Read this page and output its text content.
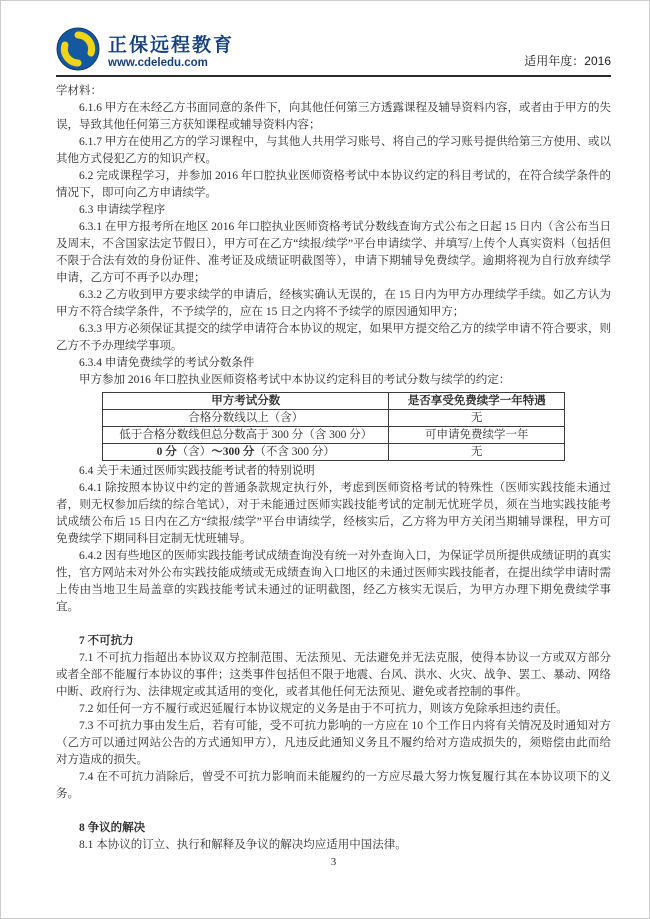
正保远程教育
www.cdeledu.com	适用年度：2016

学材料：

6.1.6 甲方在未经乙方书面同意的条件下，向其他任何第三方透露课程及辅导资料内容，或者由于甲方的失误，导致其他任何第三方获知课程或辅导资料内容；

6.1.7 甲方在使用乙方的学习课程中，与其他人共用学习账号、将自己的学习账号提供给第三方使用、或以其他方式侵犯乙方的知识产权。

6.2 完成课程学习，并参加 2016 年口腔执业医师资格考试中本协议约定的科目考试的，在符合续学条件的情况下，即可向乙方申请续学。

6.3 申请续学程序

6.3.1 在甲方报考所在地区 2016 年口腔执业医师资格考试分数线查询方式公布之日起 15 日内（含公布当日及周末，不含国家法定节假日），甲方可在乙方“续报/续学”平台申请续学、并填写/上传个人真实资料（包括但不限于合法有效的身份证件、准考证及成绩证明截图等），申请下期辅导免费续学。逾期将视为自行放弃续学申请，乙方可不再予以办理；

6.3.2 乙方收到甲方要求续学的申请后，经核实确认无误的，在 15 日内为甲方办理续学手续。如乙方认为甲方不符合续学条件，不予续学的，应在 15 日之内将不予续学的原因通知甲方；

6.3.3 甲方必须保证其提交的续学申请符合本协议的规定，如果甲方提交给乙方的续学申请不符合要求，则乙方不予办理续学事项。

6.3.4 申请免费续学的考试分数条件

甲方参加 2016 年口腔执业医师资格考试中本协议约定科目的考试分数与续学的约定：

甲方考试分数	是否享受免费续学一年特遇
合格分数线以上（含）	无
低于合格分数线但总分数高于 300 分（含 300 分）	可申请免费续学一年
0 分（含）～300 分（不含 300 分）	无

6.4 关于未通过医师实践技能考试者的特别说明

6.4.1 除按照本协议中约定的普通条款规定执行外，考虑到医师资格考试的特殊性（医师实践技能未通过者，则无权参加后续的综合笔试），对于未能通过医师实践技能考试的定制无忧班学员，须在当地实践技能考试成绩公布后 15 日内在乙方“续报/续学”平台申请续学，经核实后，乙方将为甲方关闭当期辅导课程，甲方可免费续学下期同科目定制无忧班辅导。

6.4.2 因有些地区的医师实践技能考试成绩查询没有统一对外查询入口，为保证学员所提供成绩证明的真实性，官方网站未对外公布实践技能成绩或无成绩查询入口地区的未通过医师实践技能者，在提出续学申请时需上传由当地卫生局盖章的实践技能考试未通过的证明截图，经乙方核实无误后，为甲方办理下期免费续学事宜。

7 不可抗力

7.1 不可抗力指超出本协议双方控制范围、无法预见、无法避免并无法克服，使得本协议一方或双方部分或者全部不能履行本协议的事件；这类事件包括但不限于地震、台风、洪水、火灾、战争、罢工、暴动、网络中断、政府行为、法律规定或其适用的变化，或者其他任何无法预见、避免或者控制的事件。

7.2 如任何一方不履行或迟延履行本协议规定的义务是由于不可抗力，则该方免除承担违约责任。

7.3 不可抗力事由发生后，若有可能，受不可抗力影响的一方应在 10 个工作日内将有关情况及时通知对方（乙方可以通过网站公告的方式通知甲方），凡违反此通知义务且不履约给对方造成损失的，须赔偿由此而给对方造成的损失。

7.4 在不可抗力消除后，曾受不可抗力影响而未能履约的一方应尽最大努力恢复履行其在本协议项下的义务。

8 争议的解决

8.1 本协议的订立、执行和解释及争议的解决均应适用中国法律。

3
